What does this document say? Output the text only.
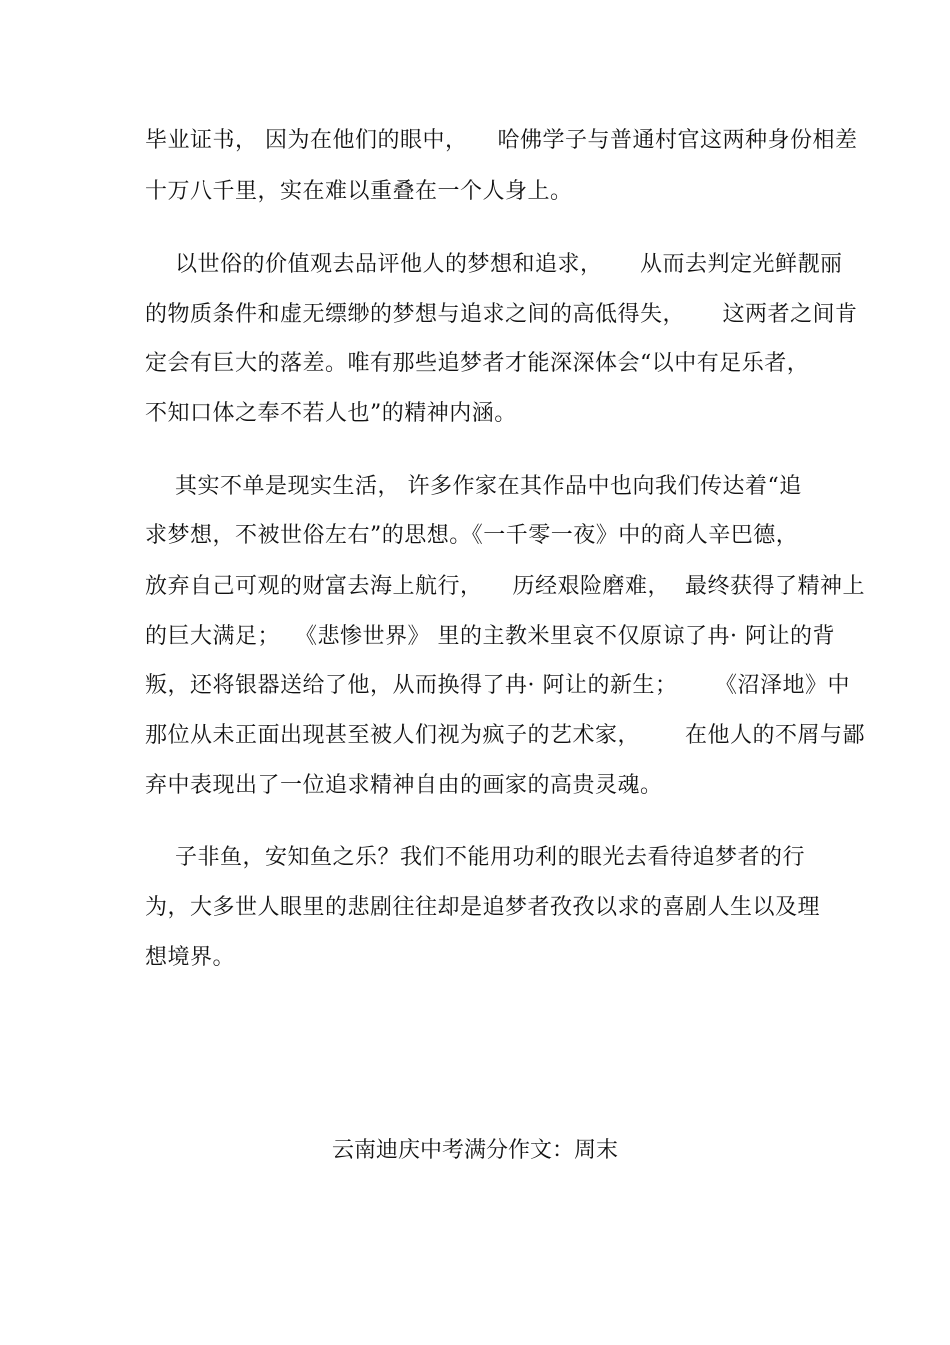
毕业证书， 因为在他们的眼中，    哈佛学子与普通村官这两种身份相差
十万八千里，实在难以重叠在一个人身上。
以世俗的价值观去品评他人的梦想和追求，     从而去判定光鲜靓丽
的物质条件和虚无缥缈的梦想与追求之间的高低得失，     这两者之间肯
定会有巨大的落差。唯有那些追梦者才能深深体会“以中有足乐者，
不知口体之奉不若人也”的精神内涵。
其实不单是现实生活， 许多作家在其作品中也向我们传达着“追
求梦想，不被世俗左右”的思想。《一千零一夜》中的商人辛巴德，
放弃自己可观的财富去海上航行，    历经艰险磨难，  最终获得了精神上
的巨大满足；  《悲惨世界》 里的主教米里哀不仅原谅了冉· 阿让的背
叛，还将银器送给了他，从而换得了冉· 阿让的新生；     《沼泽地》中
那位从未正面出现甚至被人们视为疯子的艺术家，      在他人的不屑与鄙
弃中表现出了一位追求精神自由的画家的高贵灵魂。
子非鱼，安知鱼之乐？我们不能用功利的眼光去看待追梦者的行
为，大多世人眼里的悲剧往往却是追梦者孜孜以求的喜剧人生以及理
想境界。
云南迪庆中考满分作文：周末
